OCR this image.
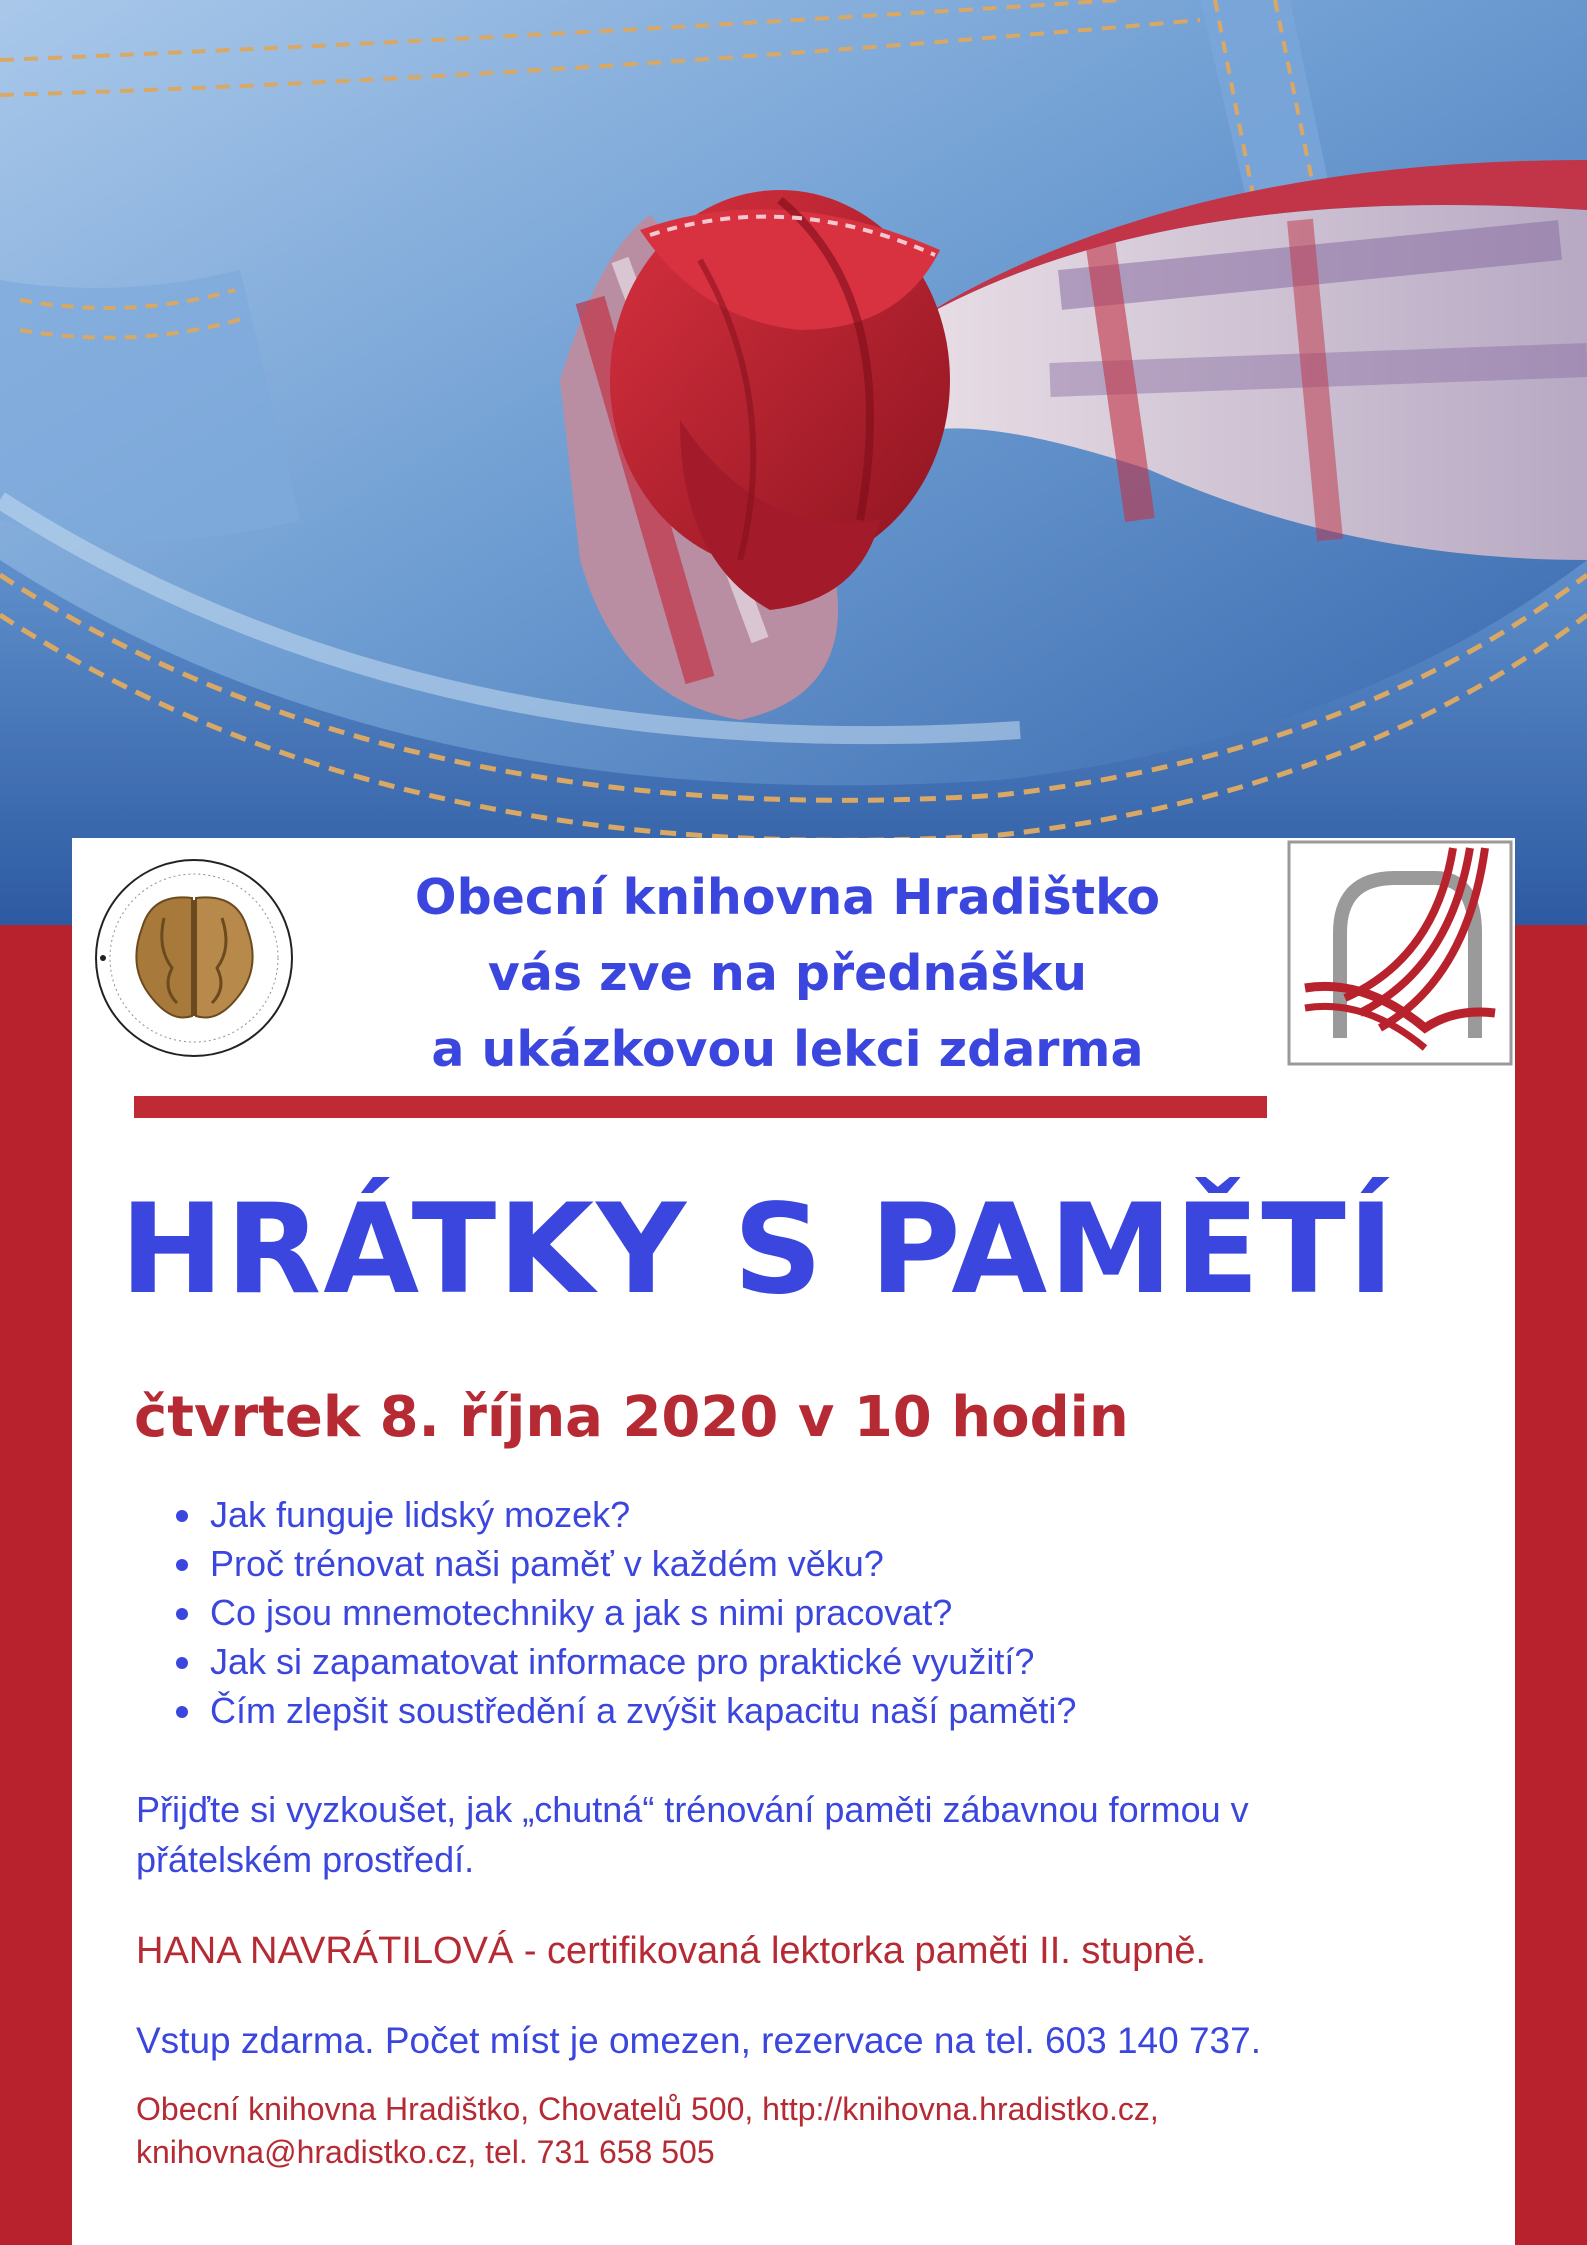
Obecní knihovna Hradištko
vás zve na přednášku
a ukázkovou lekci zdarma
HRÁTKY S PAMĚTÍ
čtvrtek 8. října 2020 v 10 hodin
Jak funguje lidský mozek?
Proč trénovat naši paměť v každém věku?
Co jsou mnemotechniky a jak s nimi pracovat?
Jak si zapamatovat informace pro praktické využití?
Čím zlepšit soustředění a zvýšit kapacitu naší paměti?
Přijďte si vyzkoušet, jak „chutná“ trénování paměti zábavnou formou v přátelském prostředí.
HANA NAVRÁTILOVÁ - certifikovaná lektorka paměti II. stupně.
Vstup zdarma. Počet míst je omezen, rezervace na tel. 603 140 737.
Obecní knihovna Hradištko, Chovatelů 500, http://knihovna.hradistko.cz,
knihovna@hradistko.cz, tel. 731 658 505
